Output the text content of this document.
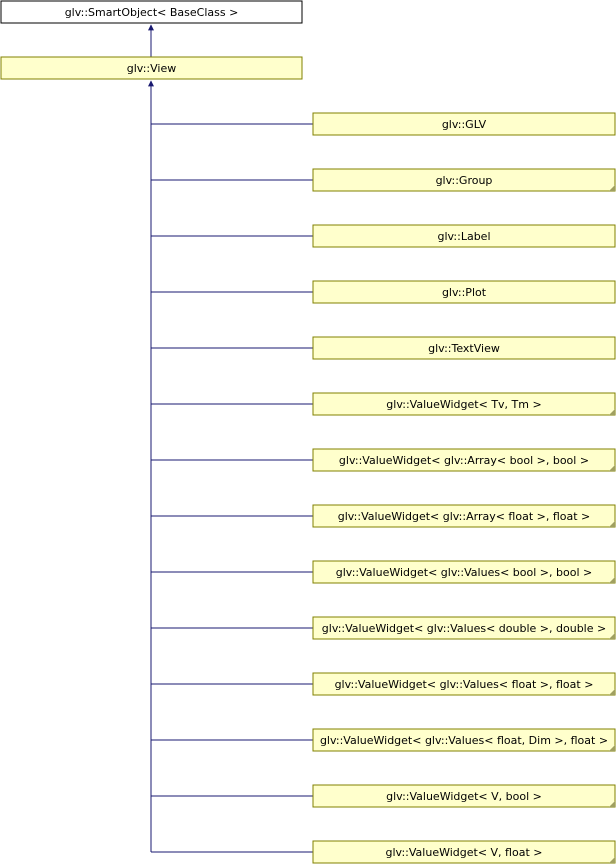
glv::SmartObject< BaseClass >
glv::View
glv::GLV
glv::Group
glv::Label
glv::Plot
glv::TextView
glv::ValueWidget< Tv, Tm >
glv::ValueWidget< glv::Array< bool >, bool >
glv::ValueWidget< glv::Array< float >, float >
glv::ValueWidget< glv::Values< bool >, bool >
glv::ValueWidget< glv::Values< double >, double >
glv::ValueWidget< glv::Values< float >, float >
glv::ValueWidget< glv::Values< float, Dim >, float >
glv::ValueWidget< V, bool >
glv::ValueWidget< V, float >
